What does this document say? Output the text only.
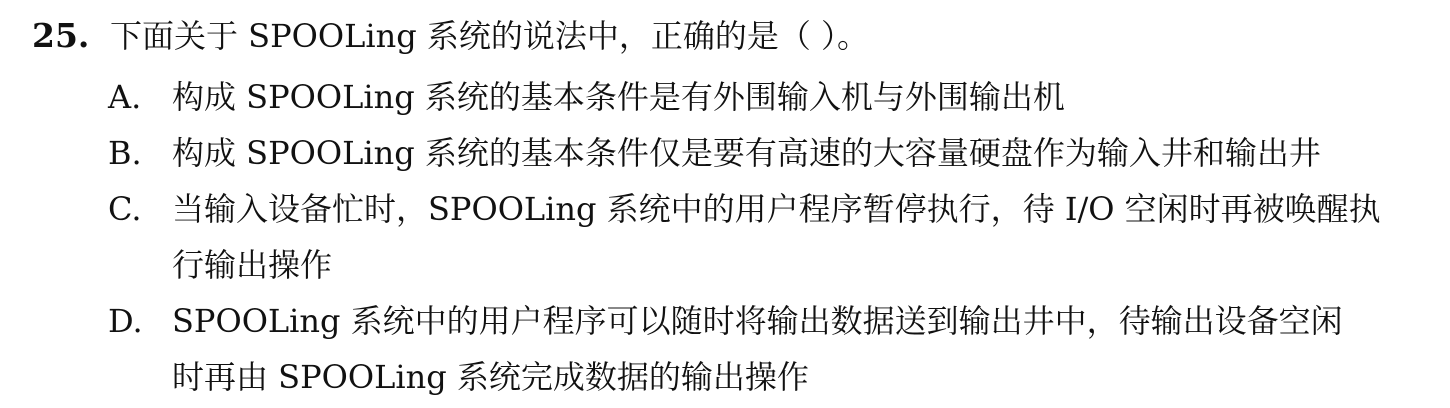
25. 下面关于 SPOOLing 系统的说法中，正确的是（ ）。
A. 构成 SPOOLing 系统的基本条件是有外围输入机与外围输出机
B. 构成 SPOOLing 系统的基本条件仅是要有高速的大容量硬盘作为输入井和输出井
C. 当输入设备忙时，SPOOLing 系统中的用户程序暂停执行，待 I/O 空闲时再被唤醒执
行输出操作
D. SPOOLing 系统中的用户程序可以随时将输出数据送到输出井中，待输出设备空闲
时再由 SPOOLing 系统完成数据的输出操作
